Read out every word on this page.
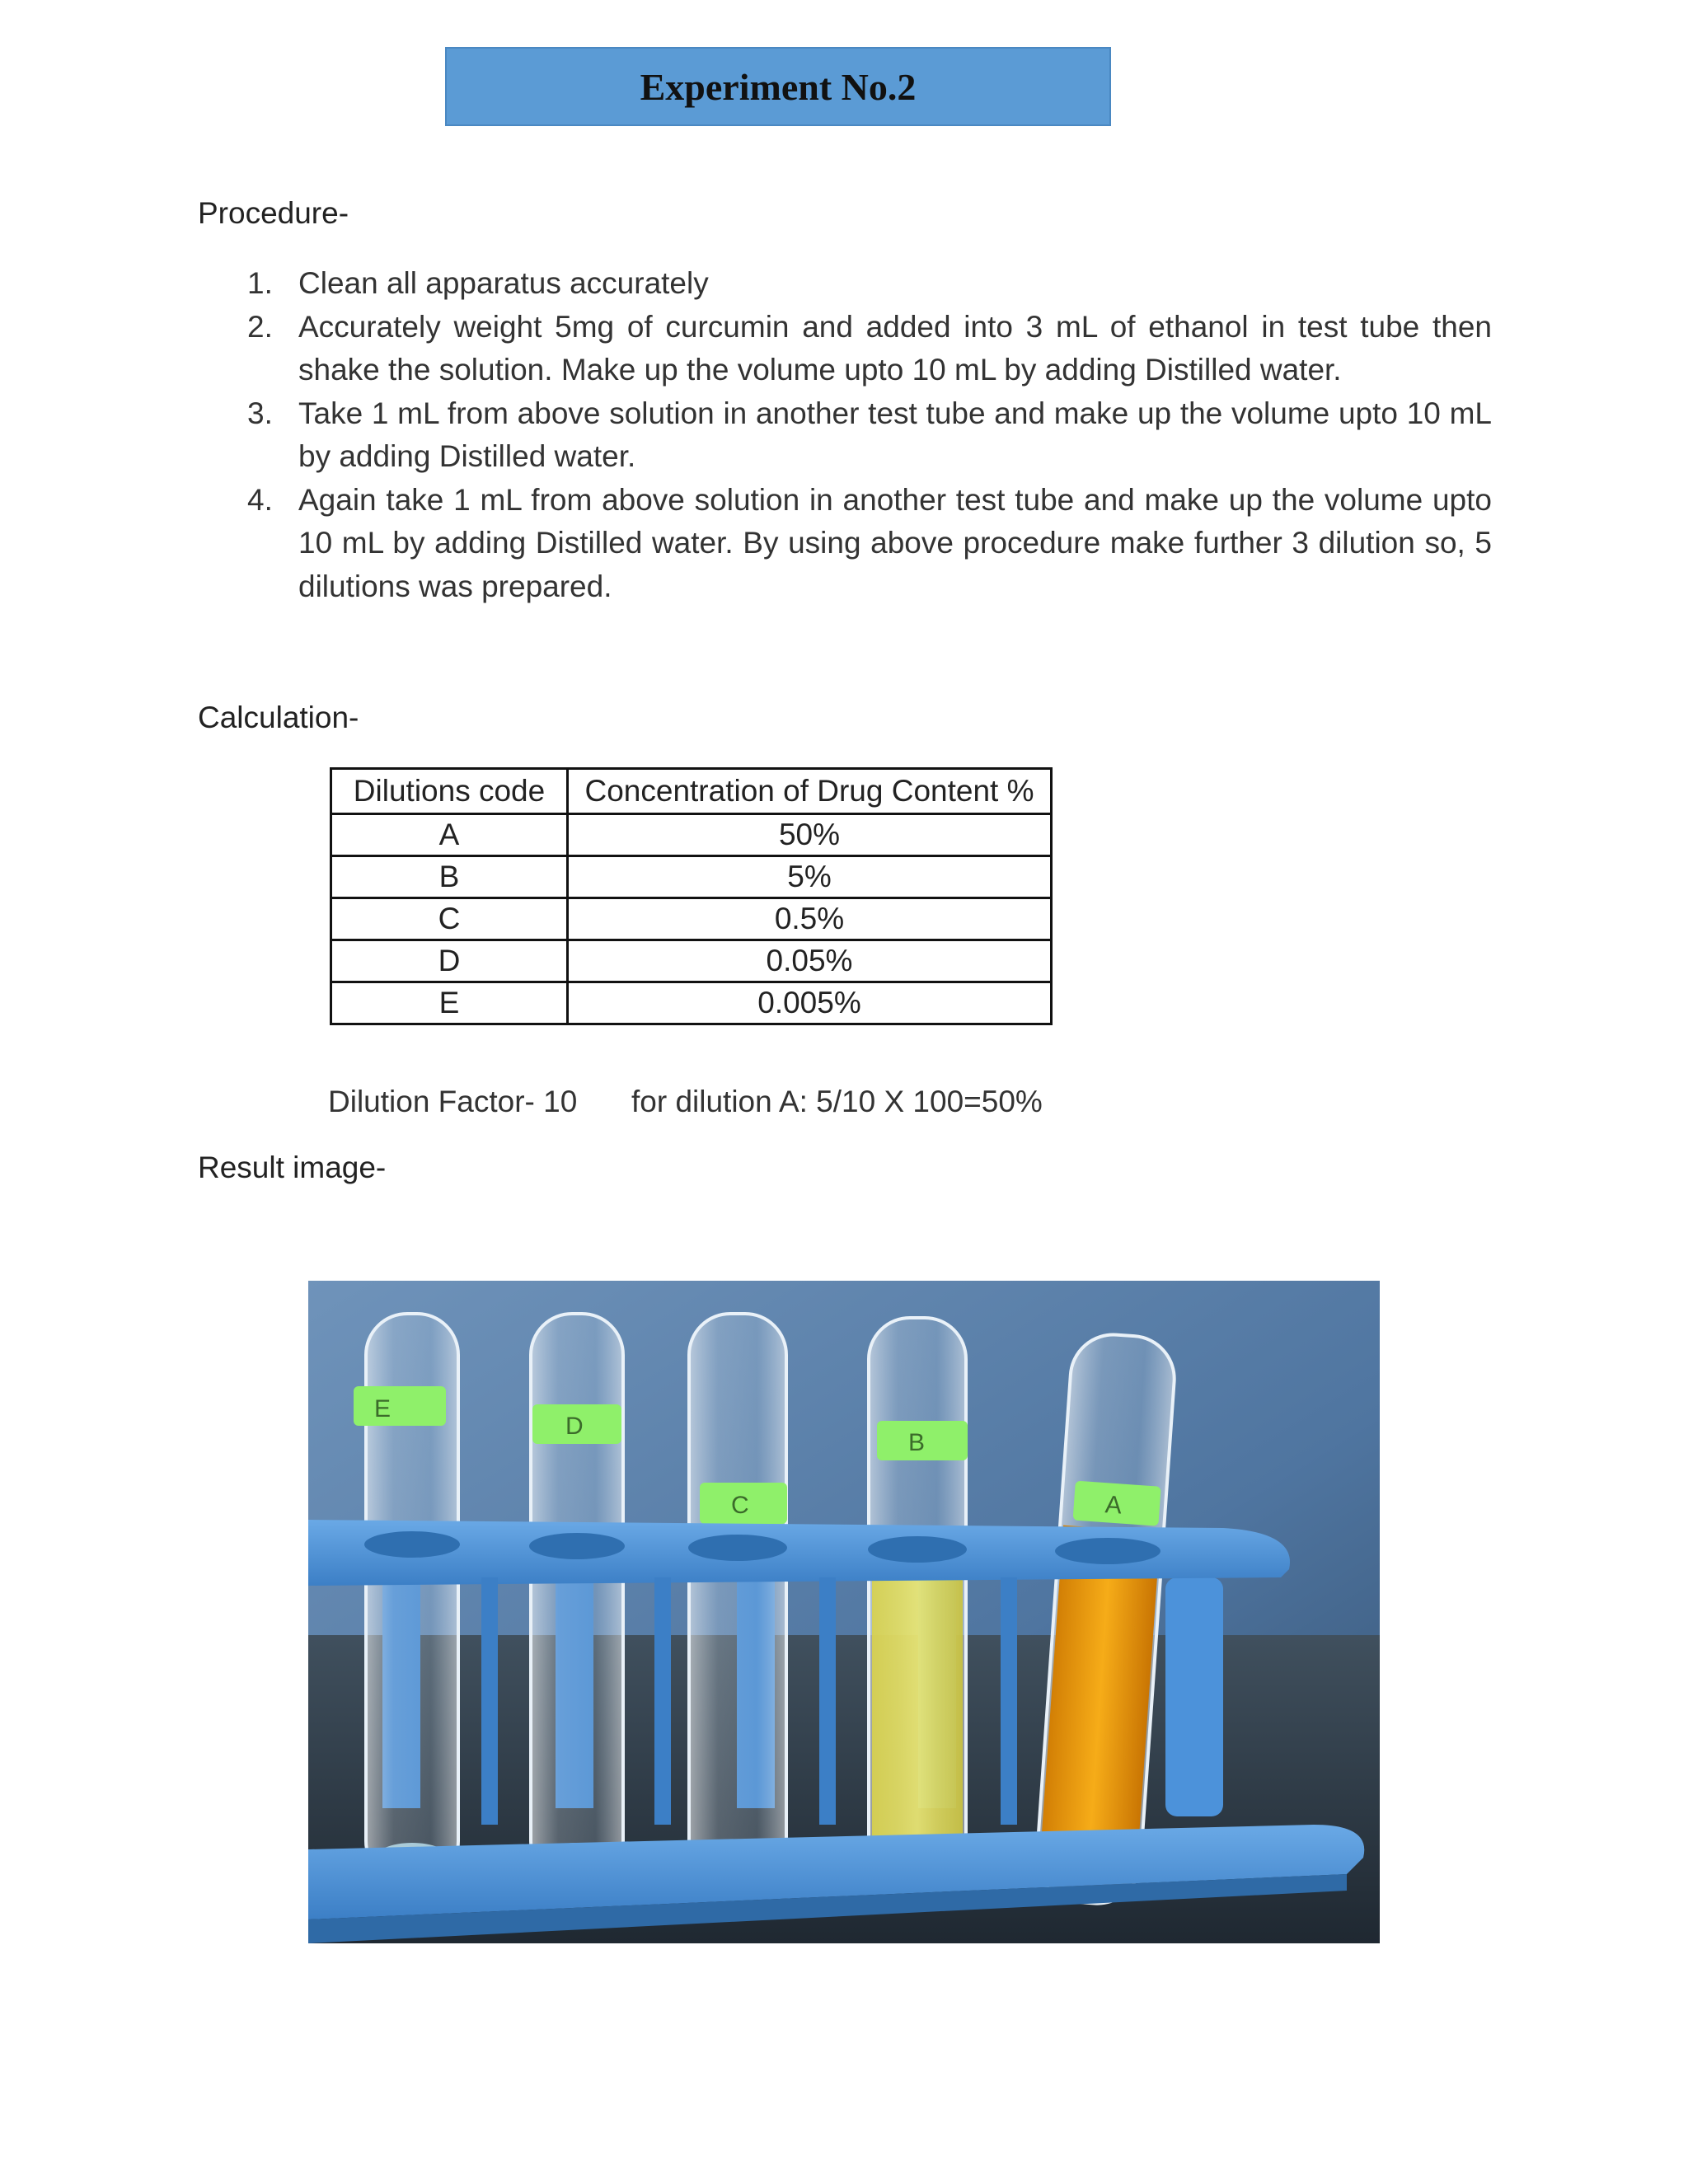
Experiment No.2
Procedure-
1. Clean all apparatus accurately
2. Accurately weight 5mg of curcumin and added into 3 mL of ethanol in test tube then shake the solution. Make up the volume upto 10 mL by adding Distilled water.
3. Take 1 mL from above solution in another test tube and make up the volume upto 10 mL by adding Distilled water.
4. Again take 1 mL from above solution in another test tube and make up the volume upto 10 mL by adding Distilled water. By using above procedure make further 3 dilution so, 5 dilutions was prepared.
Calculation-
Dilutions code	Concentration of Drug Content %
A	50%
B	5%
C	0.5%
D	0.05%
E	0.005%
Dilution Factor- 10 for dilution A: 5/10 X 100=50%
Result image-
E
D
C
B
A
